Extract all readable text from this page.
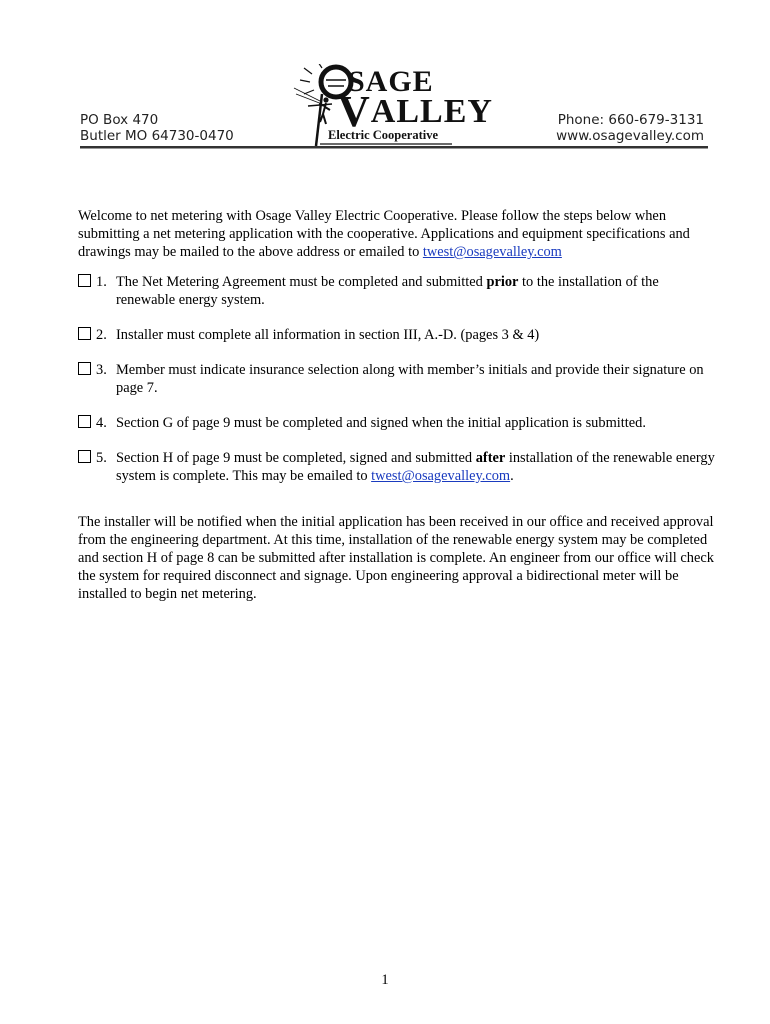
PO Box 470
Butler MO 64730-0470
SAGE
VALLEY
Electric Cooperative
Phone: 660-679-3131
www.osagevalley.com

Welcome to net metering with Osage Valley Electric Cooperative. Please follow the steps below when submitting a net metering application with the cooperative. Applications and equipment specifications and drawings may be mailed to the above address or emailed to twest@osagevalley.com

1. The Net Metering Agreement must be completed and submitted prior to the installation of the renewable energy system.
2. Installer must complete all information in section III, A.-D. (pages 3 & 4)
3. Member must indicate insurance selection along with member’s initials and provide their signature on page 7.
4. Section G of page 9 must be completed and signed when the initial application is submitted.
5. Section H of page 9 must be completed, signed and submitted after installation of the renewable energy system is complete. This may be emailed to twest@osagevalley.com.

The installer will be notified when the initial application has been received in our office and received approval from the engineering department. At this time, installation of the renewable energy system may be completed and section H of page 8 can be submitted after installation is complete. An engineer from our office will check the system for required disconnect and signage. Upon engineering approval a bidirectional meter will be installed to begin net metering.

1
